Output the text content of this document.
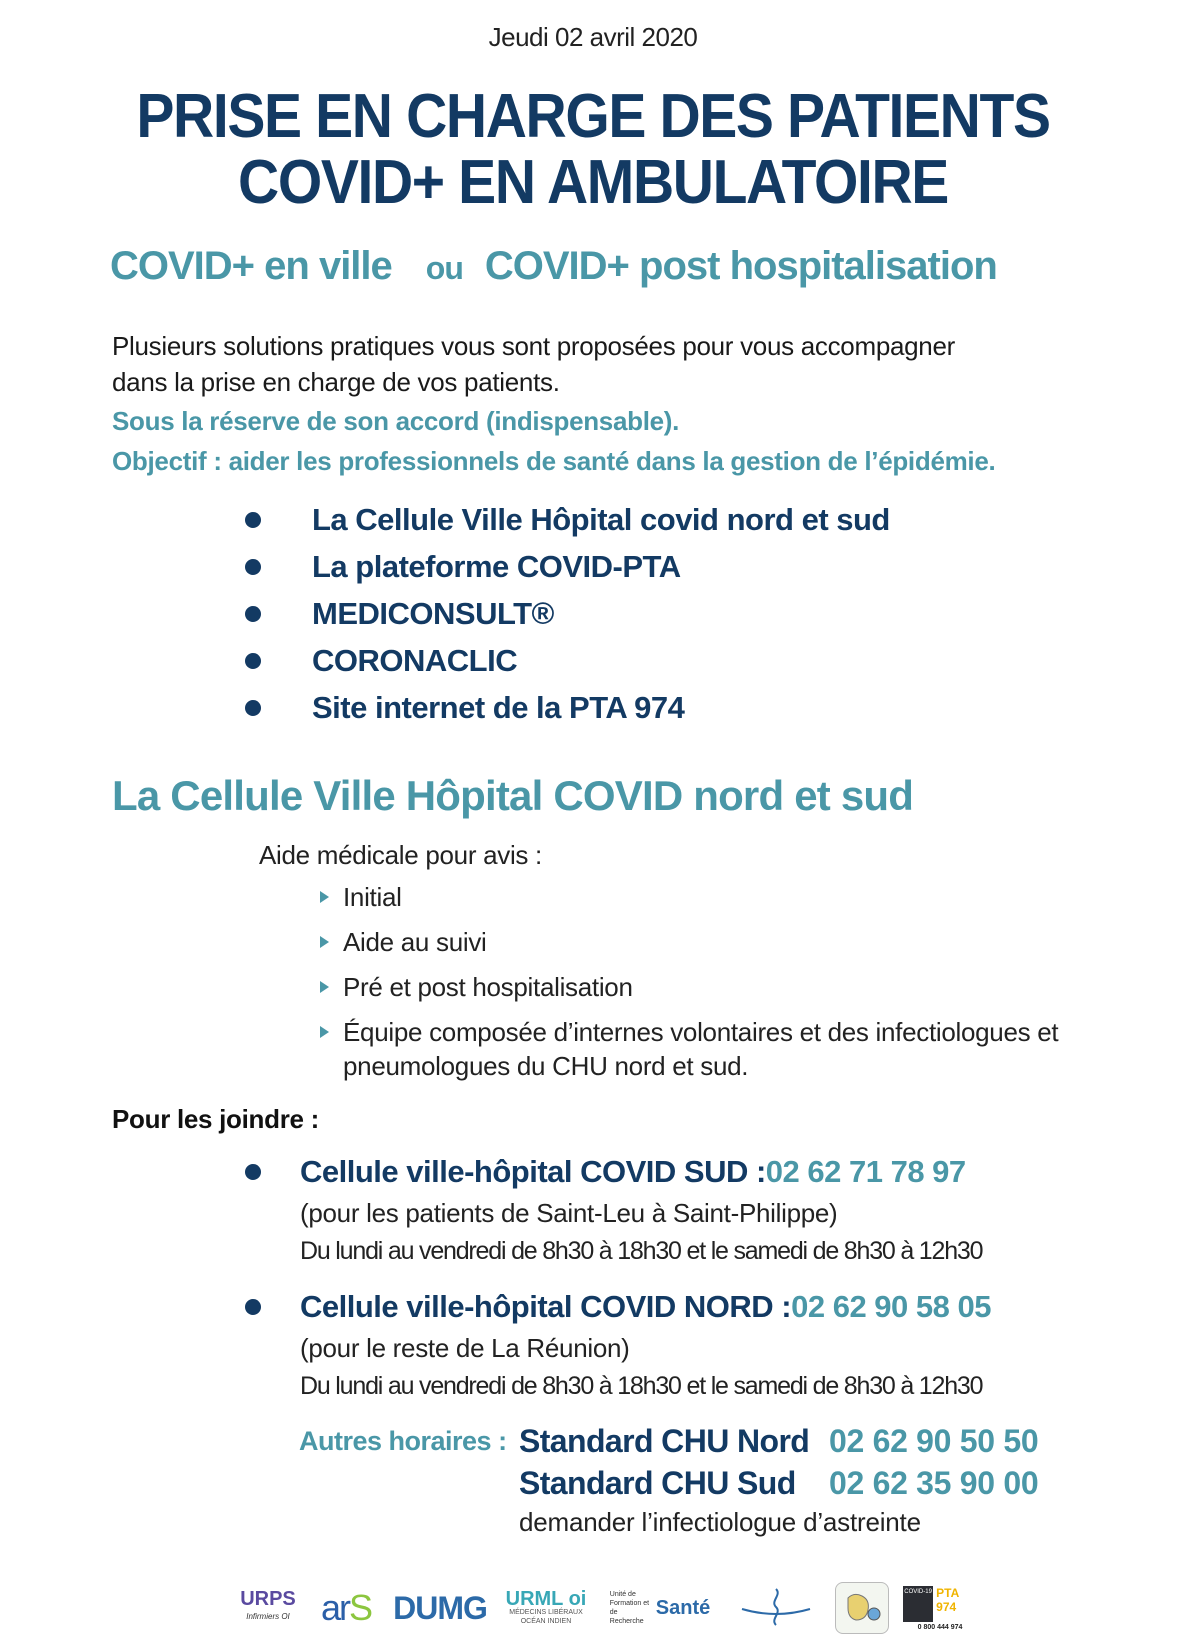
Jeudi 02 avril 2020
PRISE EN CHARGE DES PATIENTS
COVID+ EN AMBULATOIRE
COVID+ en ville ou COVID+ post hospitalisation
Plusieurs solutions pratiques vous sont proposées pour vous accompagner
dans la prise en charge de vos patients.
Sous la réserve de son accord (indispensable).
Objectif : aider les professionnels de santé dans la gestion de l’épidémie.
La Cellule Ville Hôpital covid nord et sud
La plateforme COVID-PTA
MEDICONSULT®
CORONACLIC
Site internet de la PTA 974
La Cellule Ville Hôpital COVID nord et sud
Aide médicale pour avis :
Initial
Aide au suivi
Pré et post hospitalisation
Équipe composée d’internes volontaires et des infectiologues et pneumologues du CHU nord et sud.
Pour les joindre :
Cellule ville-hôpital COVID SUD : 02 62 71 78 97
(pour les patients de Saint-Leu à Saint-Philippe)
Du lundi au vendredi de 8h30 à 18h30 et le samedi de 8h30 à 12h30
Cellule ville-hôpital COVID NORD : 02 62 90 58 05
(pour le reste de La Réunion)
Du lundi au vendredi de 8h30 à 18h30 et le samedi de 8h30 à 12h30
Autres horaires : Standard CHU Nord 02 62 90 50 50
Standard CHU Sud	02 62 35 90 00
demander l’infectiologue d’astreinte
URPS
Infirmiers OI ar S DUMG URML oi
MÉDECINS LIBÉRAUX OCÉAN INDIEN
Unité de Formation et de Recherche
Santé
COVID-19 PTA 974
0 800 444 974
